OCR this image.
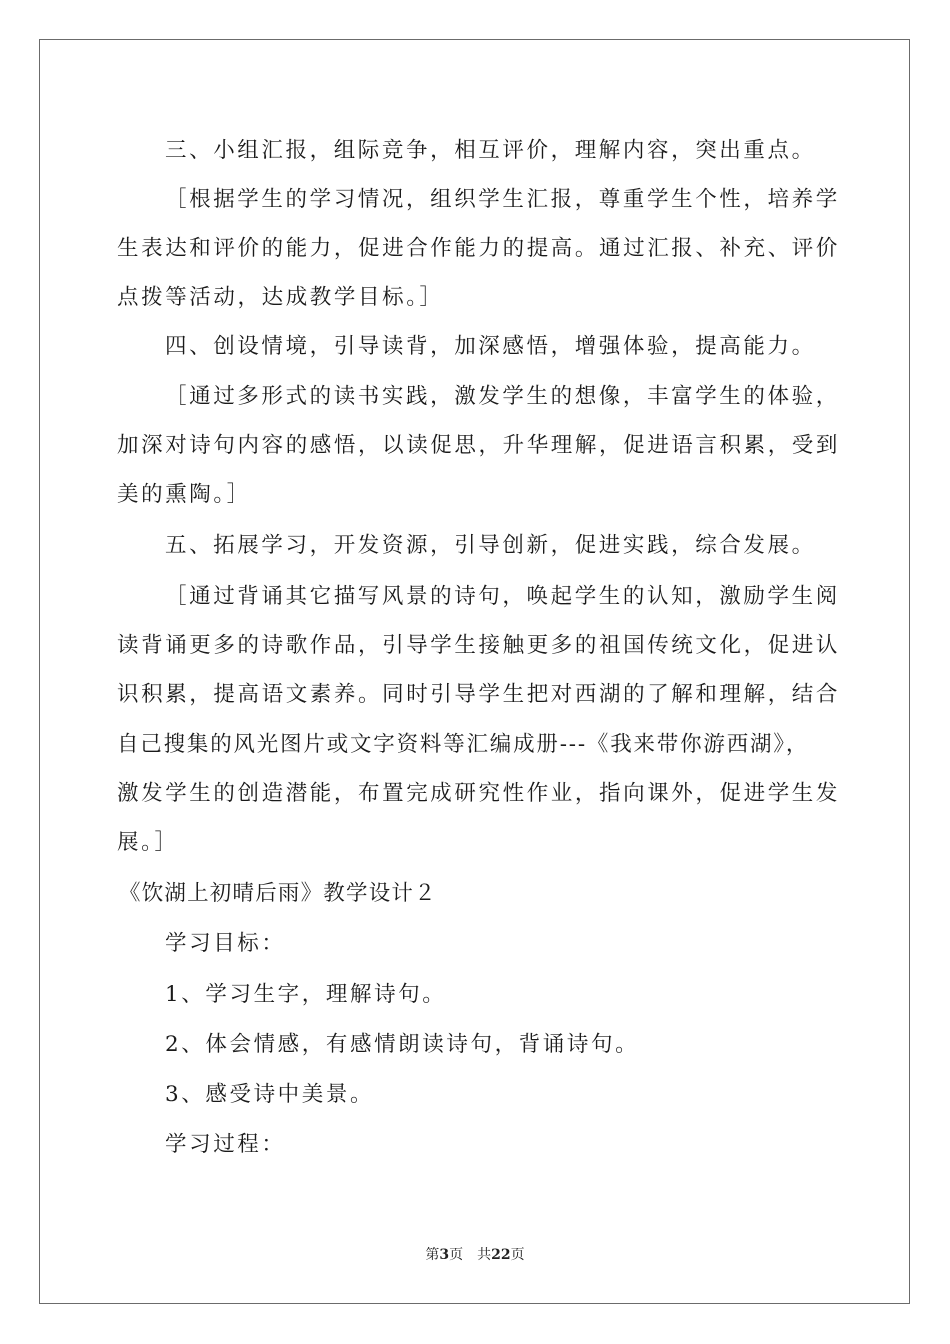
三、小组汇报，组际竞争，相互评价，理解内容，突出重点。
［根据学生的学习情况，组织学生汇报，尊重学生个性，培养学
生表达和评价的能力，促进合作能力的提高。通过汇报、补充、评价
点拨等活动，达成教学目标。］
四、创设情境，引导读背，加深感悟，增强体验，提高能力。
［通过多形式的读书实践，激发学生的想像，丰富学生的体验，
加深对诗句内容的感悟，以读促思，升华理解，促进语言积累，受到
美的熏陶。］
五、拓展学习，开发资源，引导创新，促进实践，综合发展。
［通过背诵其它描写风景的诗句，唤起学生的认知，激励学生阅
读背诵更多的诗歌作品，引导学生接触更多的祖国传统文化，促进认
识积累，提高语文素养。同时引导学生把对西湖的了解和理解，结合
自己搜集的风光图片或文字资料等汇编成册---《我来带你游西湖》，
激发学生的创造潜能，布置完成研究性作业，指向课外，促进学生发
展。］
《饮湖上初晴后雨》教学设计２
学习目标：
1、学习生字，理解诗句。
2、体会情感，有感情朗读诗句，背诵诗句。
3、感受诗中美景。
学习过程：
第3页　共22页
